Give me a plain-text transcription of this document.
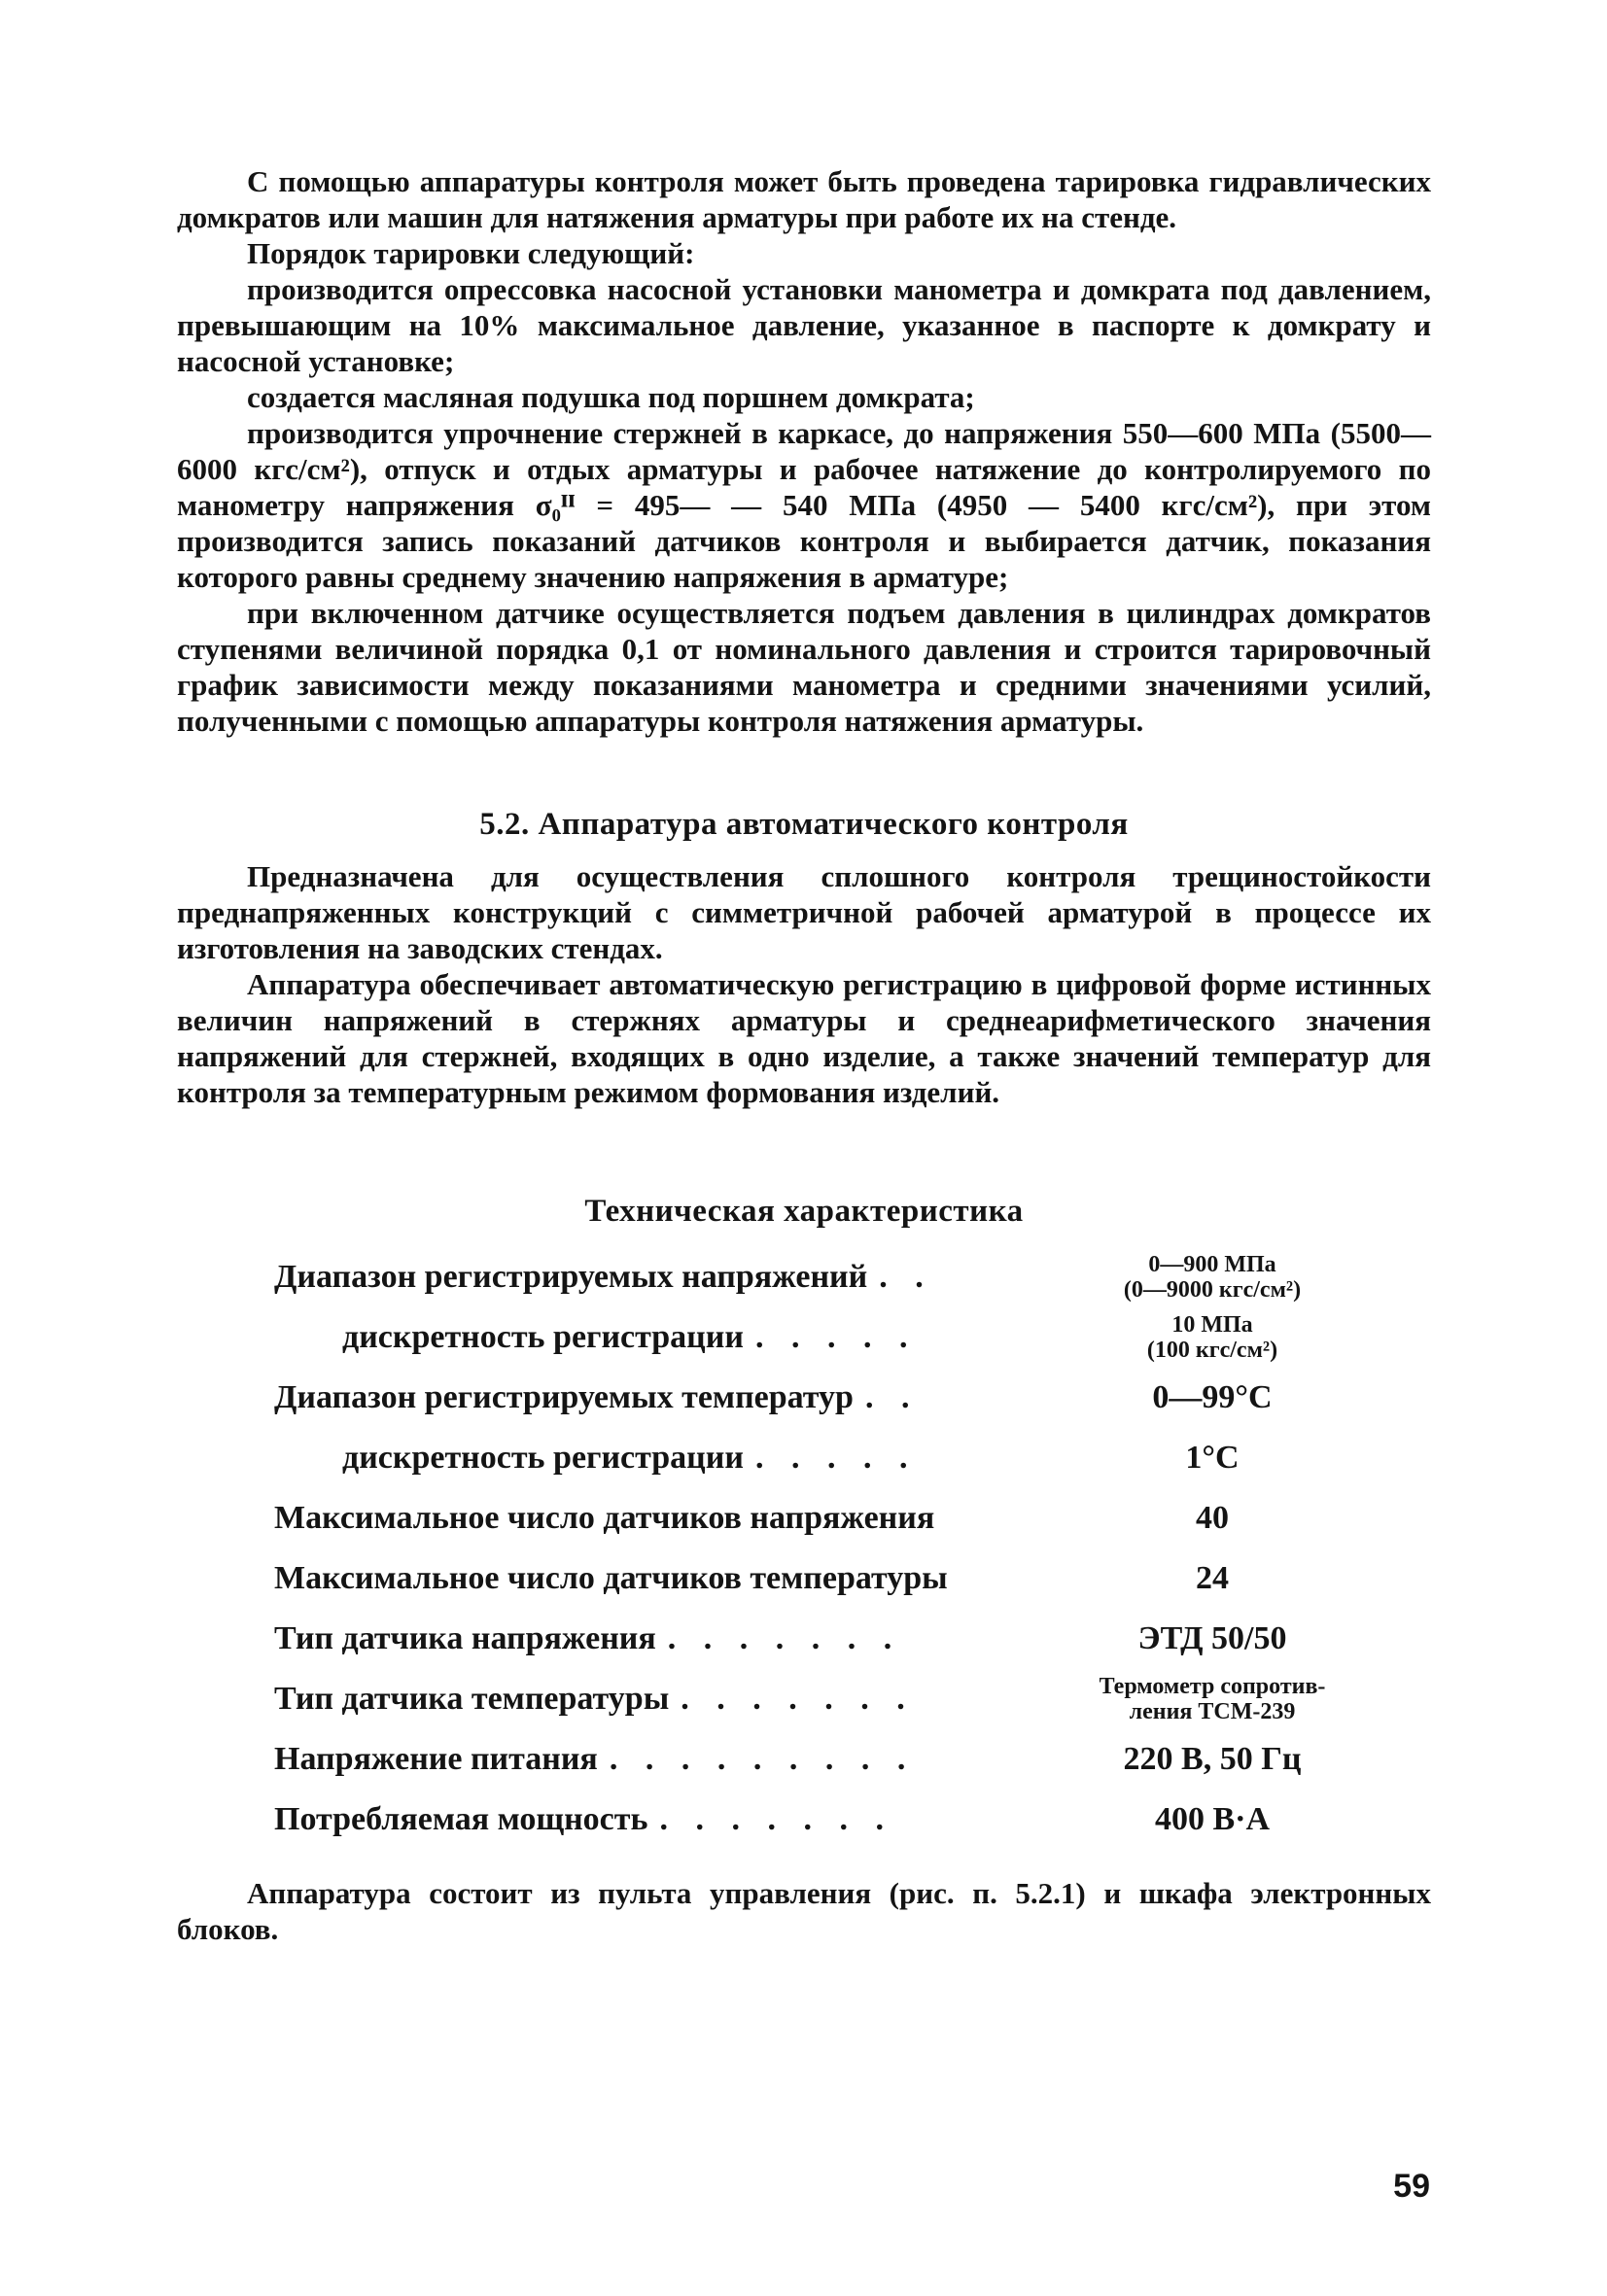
С помощью аппаратуры контроля может быть проведена тарировка гидравлических домкратов или машин для натяжения арматуры при работе их на стенде.

Порядок тарировки следующий:

производится опрессовка насосной установки манометра и домкрата под давлением, превышающим на 10% максимальное давление, указанное в паспорте к домкрату и насосной установке;

создается масляная подушка под поршнем домкрата;

производится упрочнение стержней в каркасе, до напряжения 550—600 МПа (5500—6000 кгс/см²), отпуск и отдых арматуры и рабочее натяжение до контролируемого по манометру напряжения σ₀ᴵᴵ = 495— — 540 МПа (4950 — 5400 кгс/см²), при этом производится запись показаний датчиков контроля и выбирается датчик, показания которого равны среднему значению напряжения в арматуре;

при включенном датчике осуществляется подъем давления в цилиндрах домкратов ступенями величиной порядка 0,1 от номинального давления и строится тарировочный график зависимости между показаниями манометра и средними значениями усилий, полученными с помощью аппаратуры контроля натяжения арматуры.

5.2. Аппаратура автоматического контроля

Предназначена для осуществления сплошного контроля трещиностойкости преднапряженных конструкций с симметричной рабочей арматурой в процессе их изготовления на заводских стендах.

Аппаратура обеспечивает автоматическую регистрацию в цифровой форме истинных величин напряжений в стержнях арматуры и среднеарифметического значения напряжений для стержней, входящих в одно изделие, а также значений температур для контроля за температурным режимом формования изделий.

Техническая характеристика
Диапазон регистрируемых напряжений . .	0—900 МПа
(0—9000 кгс/см²)
дискретность регистрации . . . . .	10 МПа
(100 кгс/см²)
Диапазон регистрируемых температур . .	0—99°С
дискретность регистрации . . . . .	1°С
Максимальное число датчиков напряжения	40
Максимальное число датчиков температуры	24
Тип датчика напряжения . . . . . . .	ЭТД 50/50
Тип датчика температуры . . . . . . .	Термометр сопротив-
ления ТСМ-239
Напряжение питания . . . . . . . . .	220 В, 50 Гц
Потребляемая мощность . . . . . . .	400 В·А

Аппаратура состоит из пульта управления (рис. п. 5.2.1) и шкафа электронных блоков.

59
